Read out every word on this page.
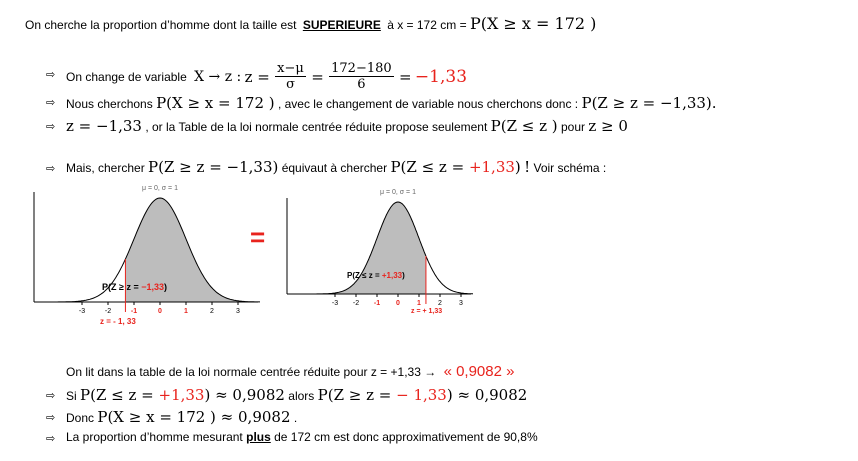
On cherche la proportion d’homme dont la taille est SUPERIEURE à x = 172 cm = P(X ≥ x = 172 )
⇨ On change de variable X → z : $z = \frac{x-\mu}{\sigma} = \frac{172-180}{6} = -1,33$
⇨ Nous cherchons P(X ≥ x = 172 ) , avec le changement de variable nous cherchons donc : P(Z ≥ z = −1,33).
⇨ z = −1,33 , or la Table de la loi normale centrée réduite propose seulement P(Z ≤ z ) pour z ≥ 0
⇨ Mais, chercher P(Z ≥ z = −1,33) équivaut à chercher P(Z ≤ z = +1,33) ! Voir schéma :
μ = 0, σ = 1
-3	-2	-1	0	1	2	3
P(Z ≥ z = −1,33)
z = - 1, 33
=
μ = 0, σ = 1
-3 -2 -1 0 1 2 3
P(Z ≤ z = +1,33)
z = + 1,33
On lit dans la table de la loi normale centrée réduite pour z = +1,33 → « 0,9082 »
⇨ Si P(Z ≤ z = +1,33) ≈ 0,9082 alors P(Z ≥ z = − 1,33) ≈ 0,9082
⇨ Donc P(X ≥ x = 172 ) ≈ 0,9082 .
⇨ La proportion d’homme mesurant plus de 172 cm est donc approximativement de 90,8%
